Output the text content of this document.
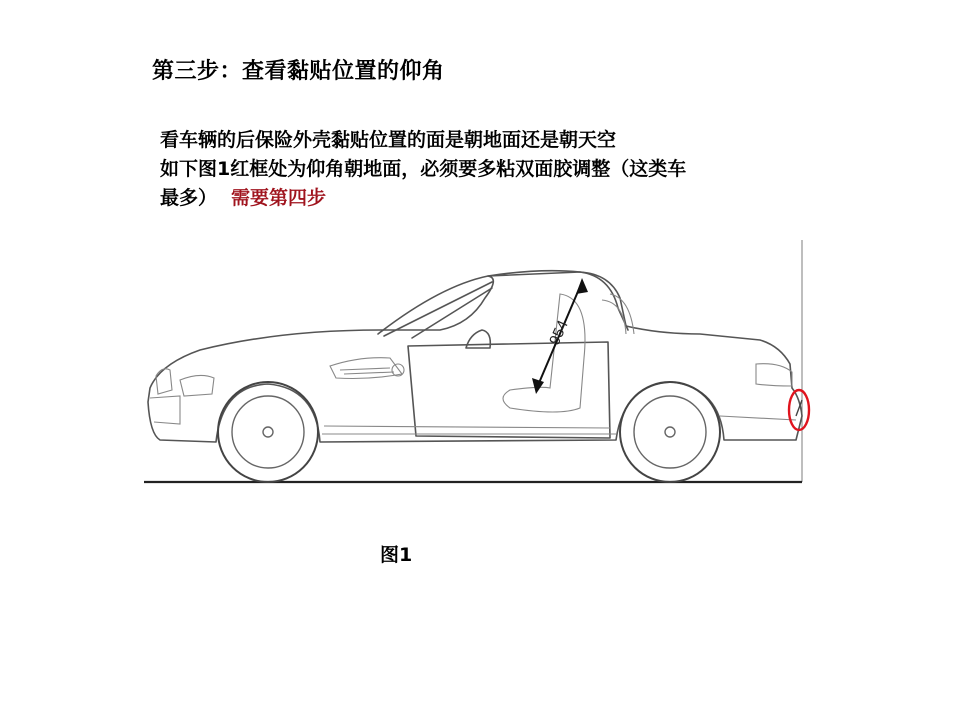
第三步：查看黏贴位置的仰角
看车辆的后保险外壳黏贴位置的面是朝地面还是朝天空
如下图1红框处为仰角朝地面，必须要多粘双面胶调整（这类车
最多） 需要第四步
954
图1
